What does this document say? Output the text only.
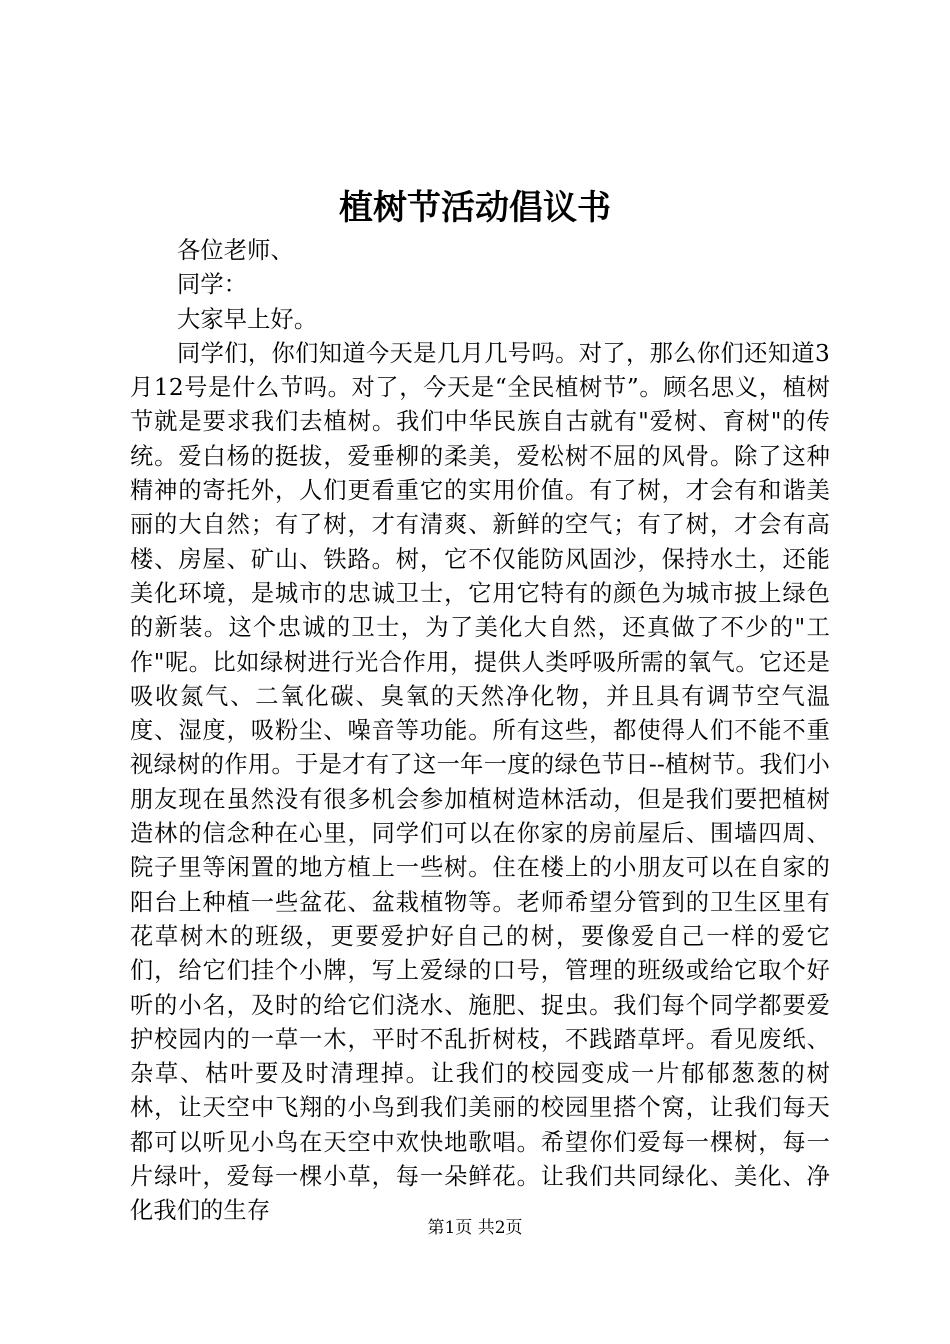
植树节活动倡议书

各位老师、

同学：

大家早上好。

同学们，你们知道今天是几月几号吗。对了，那么你们还知道3月12号是什么节吗。对了，今天是“全民植树节”。顾名思义，植树节就是要求我们去植树。我们中华民族自古就有"爱树、育树"的传统。爱白杨的挺拔，爱垂柳的柔美，爱松树不屈的风骨。除了这种精神的寄托外，人们更看重它的实用价值。有了树，才会有和谐美丽的大自然；有了树，才有清爽、新鲜的空气；有了树，才会有高楼、房屋、矿山、铁路。树，它不仅能防风固沙，保持水土，还能美化环境，是城市的忠诚卫士，它用它特有的颜色为城市披上绿色的新装。这个忠诚的卫士，为了美化大自然，还真做了不少的"工作"呢。比如绿树进行光合作用，提供人类呼吸所需的氧气。它还是吸收氮气、二氧化碳、臭氧的天然净化物，并且具有调节空气温度、湿度，吸粉尘、噪音等功能。所有这些，都使得人们不能不重视绿树的作用。于是才有了这一年一度的绿色节日--植树节。我们小朋友现在虽然没有很多机会参加植树造林活动，但是我们要把植树造林的信念种在心里，同学们可以在你家的房前屋后、围墙四周、院子里等闲置的地方植上一些树。住在楼上的小朋友可以在自家的阳台上种植一些盆花、盆栽植物等。老师希望分管到的卫生区里有花草树木的班级，更要爱护好自己的树，要像爱自己一样的爱它们，给它们挂个小牌，写上爱绿的口号，管理的班级或给它取个好听的小名，及时的给它们浇水、施肥、捉虫。我们每个同学都要爱护校园内的一草一木，平时不乱折树枝，不践踏草坪。看见废纸、杂草、枯叶要及时清理掉。让我们的校园变成一片郁郁葱葱的树林，让天空中飞翔的小鸟到我们美丽的校园里搭个窝，让我们每天都可以听见小鸟在天空中欢快地歌唱。希望你们爱每一棵树，每一片绿叶，爱每一棵小草，每一朵鲜花。让我们共同绿化、美化、净化我们的生存

第1页 共2页
